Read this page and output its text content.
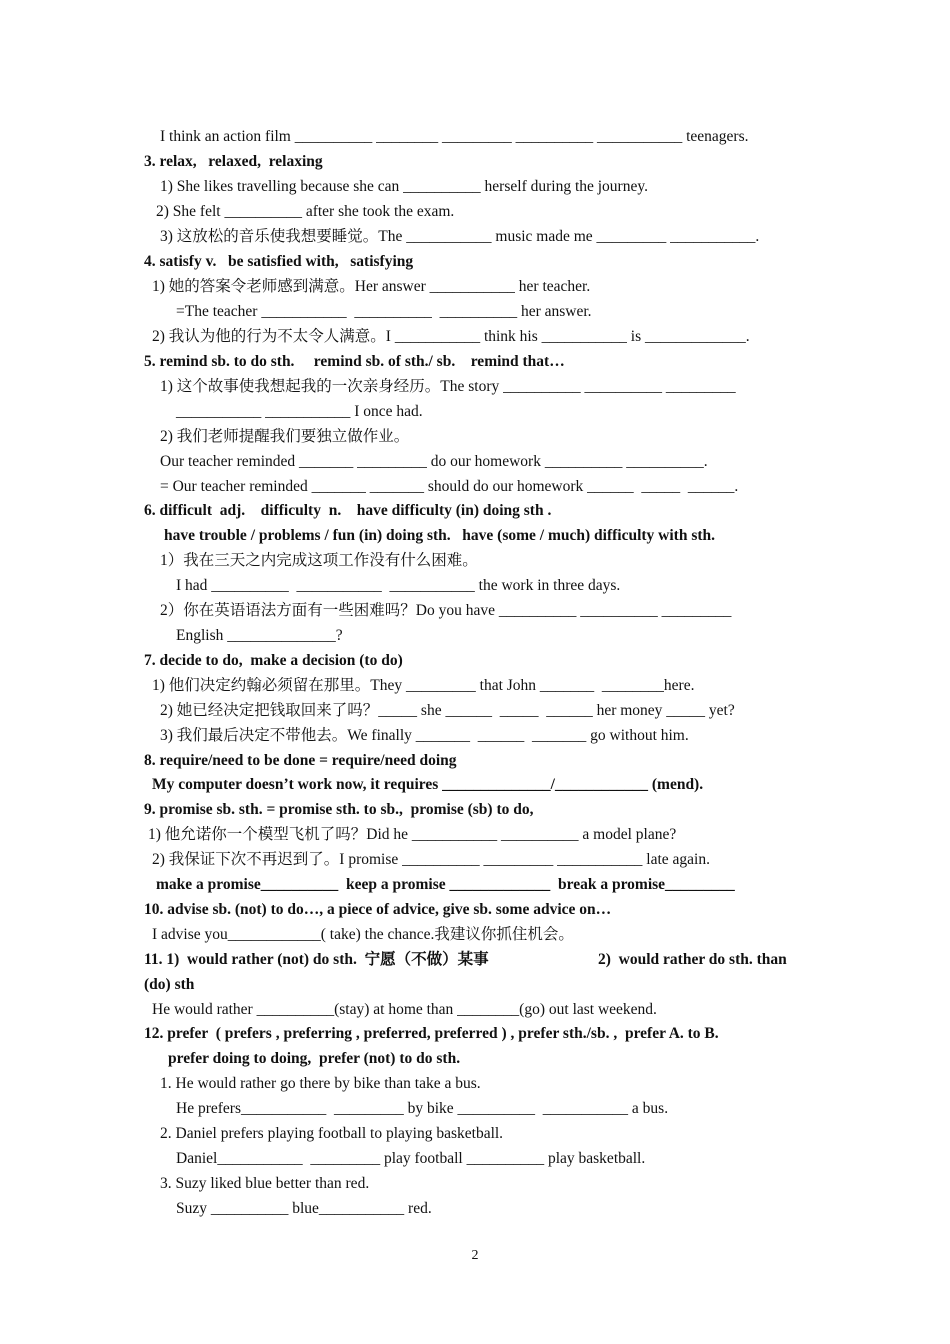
I think an action film __________ ________ _________ __________ ___________ teenagers.
3. relax,   relaxed,  relaxing
1) She likes travelling because she can __________ herself during the journey.
2) She felt __________ after she took the exam.
3) 这放松的音乐使我想要睡觉。The ___________ music made me _________ ___________.
4. satisfy v.   be satisfied with,   satisfying
1) 她的答案令老师感到满意。Her answer ___________ her teacher.
=The teacher ___________  __________  __________ her answer.
2) 我认为他的行为不太令人满意。I ___________ think his ___________ is _____________.
5. remind sb. to do sth.     remind sb. of sth./ sb.    remind that…
1) 这个故事使我想起我的一次亲身经历。The story __________ __________ _________
___________ ___________ I once had.
2) 我们老师提醒我们要独立做作业。
Our teacher reminded _______ _________ do our homework __________ __________.
= Our teacher reminded _______ _______ should do our homework ______  _____  ______.
6. difficult  adj.    difficulty  n.    have difficulty (in) doing sth .
have trouble / problems / fun (in) doing sth.   have (some / much) difficulty with sth.
1）我在三天之内完成这项工作没有什么困难。
I had __________  ___________  ___________ the work in three days.
2）你在英语语法方面有一些困难吗？Do you have __________ __________ _________
English ______________?
7. decide to do,  make a decision (to do)
1) 他们决定约翰必须留在那里。They _________ that John _______  ________here.
2) 她已经决定把钱取回来了吗？_____ she ______  _____  ______ her money _____ yet?
3) 我们最后决定不带他去。We finally _______  ______  _______ go without him.
8. require/need to be done = require/need doing
My computer doesn’t work now, it requires ______________/____________ (mend).
9. promise sb. sth. = promise sth. to sb.,  promise (sb) to do,
1) 他允诺你一个模型飞机了吗？Did he ___________ __________ a model plane?
2) 我保证下次不再迟到了。I promise __________ _________ ___________ late again.
make a promise__________  keep a promise _____________  break a promise_________
10. advise sb. (not) to do…, a piece of advice, give sb. some advice on…
I advise you____________( take) the chance.我建议你抓住机会。
11. 1)  would rather (not) do sth.  宁愿（不做）某事	2)  would rather do sth. than
(do) sth
He would rather __________(stay) at home than ________(go) out last weekend.
12. prefer  ( prefers , preferring , preferred, preferred ) , prefer sth./sb. ,  prefer A. to B.
prefer doing to doing,  prefer (not) to do sth.
1. He would rather go there by bike than take a bus.
He prefers___________  _________ by bike __________  ___________ a bus.
2. Daniel prefers playing football to playing basketball.
Daniel___________  _________ play football __________ play basketball.
3. Suzy liked blue better than red.
Suzy __________ blue___________ red.
2
